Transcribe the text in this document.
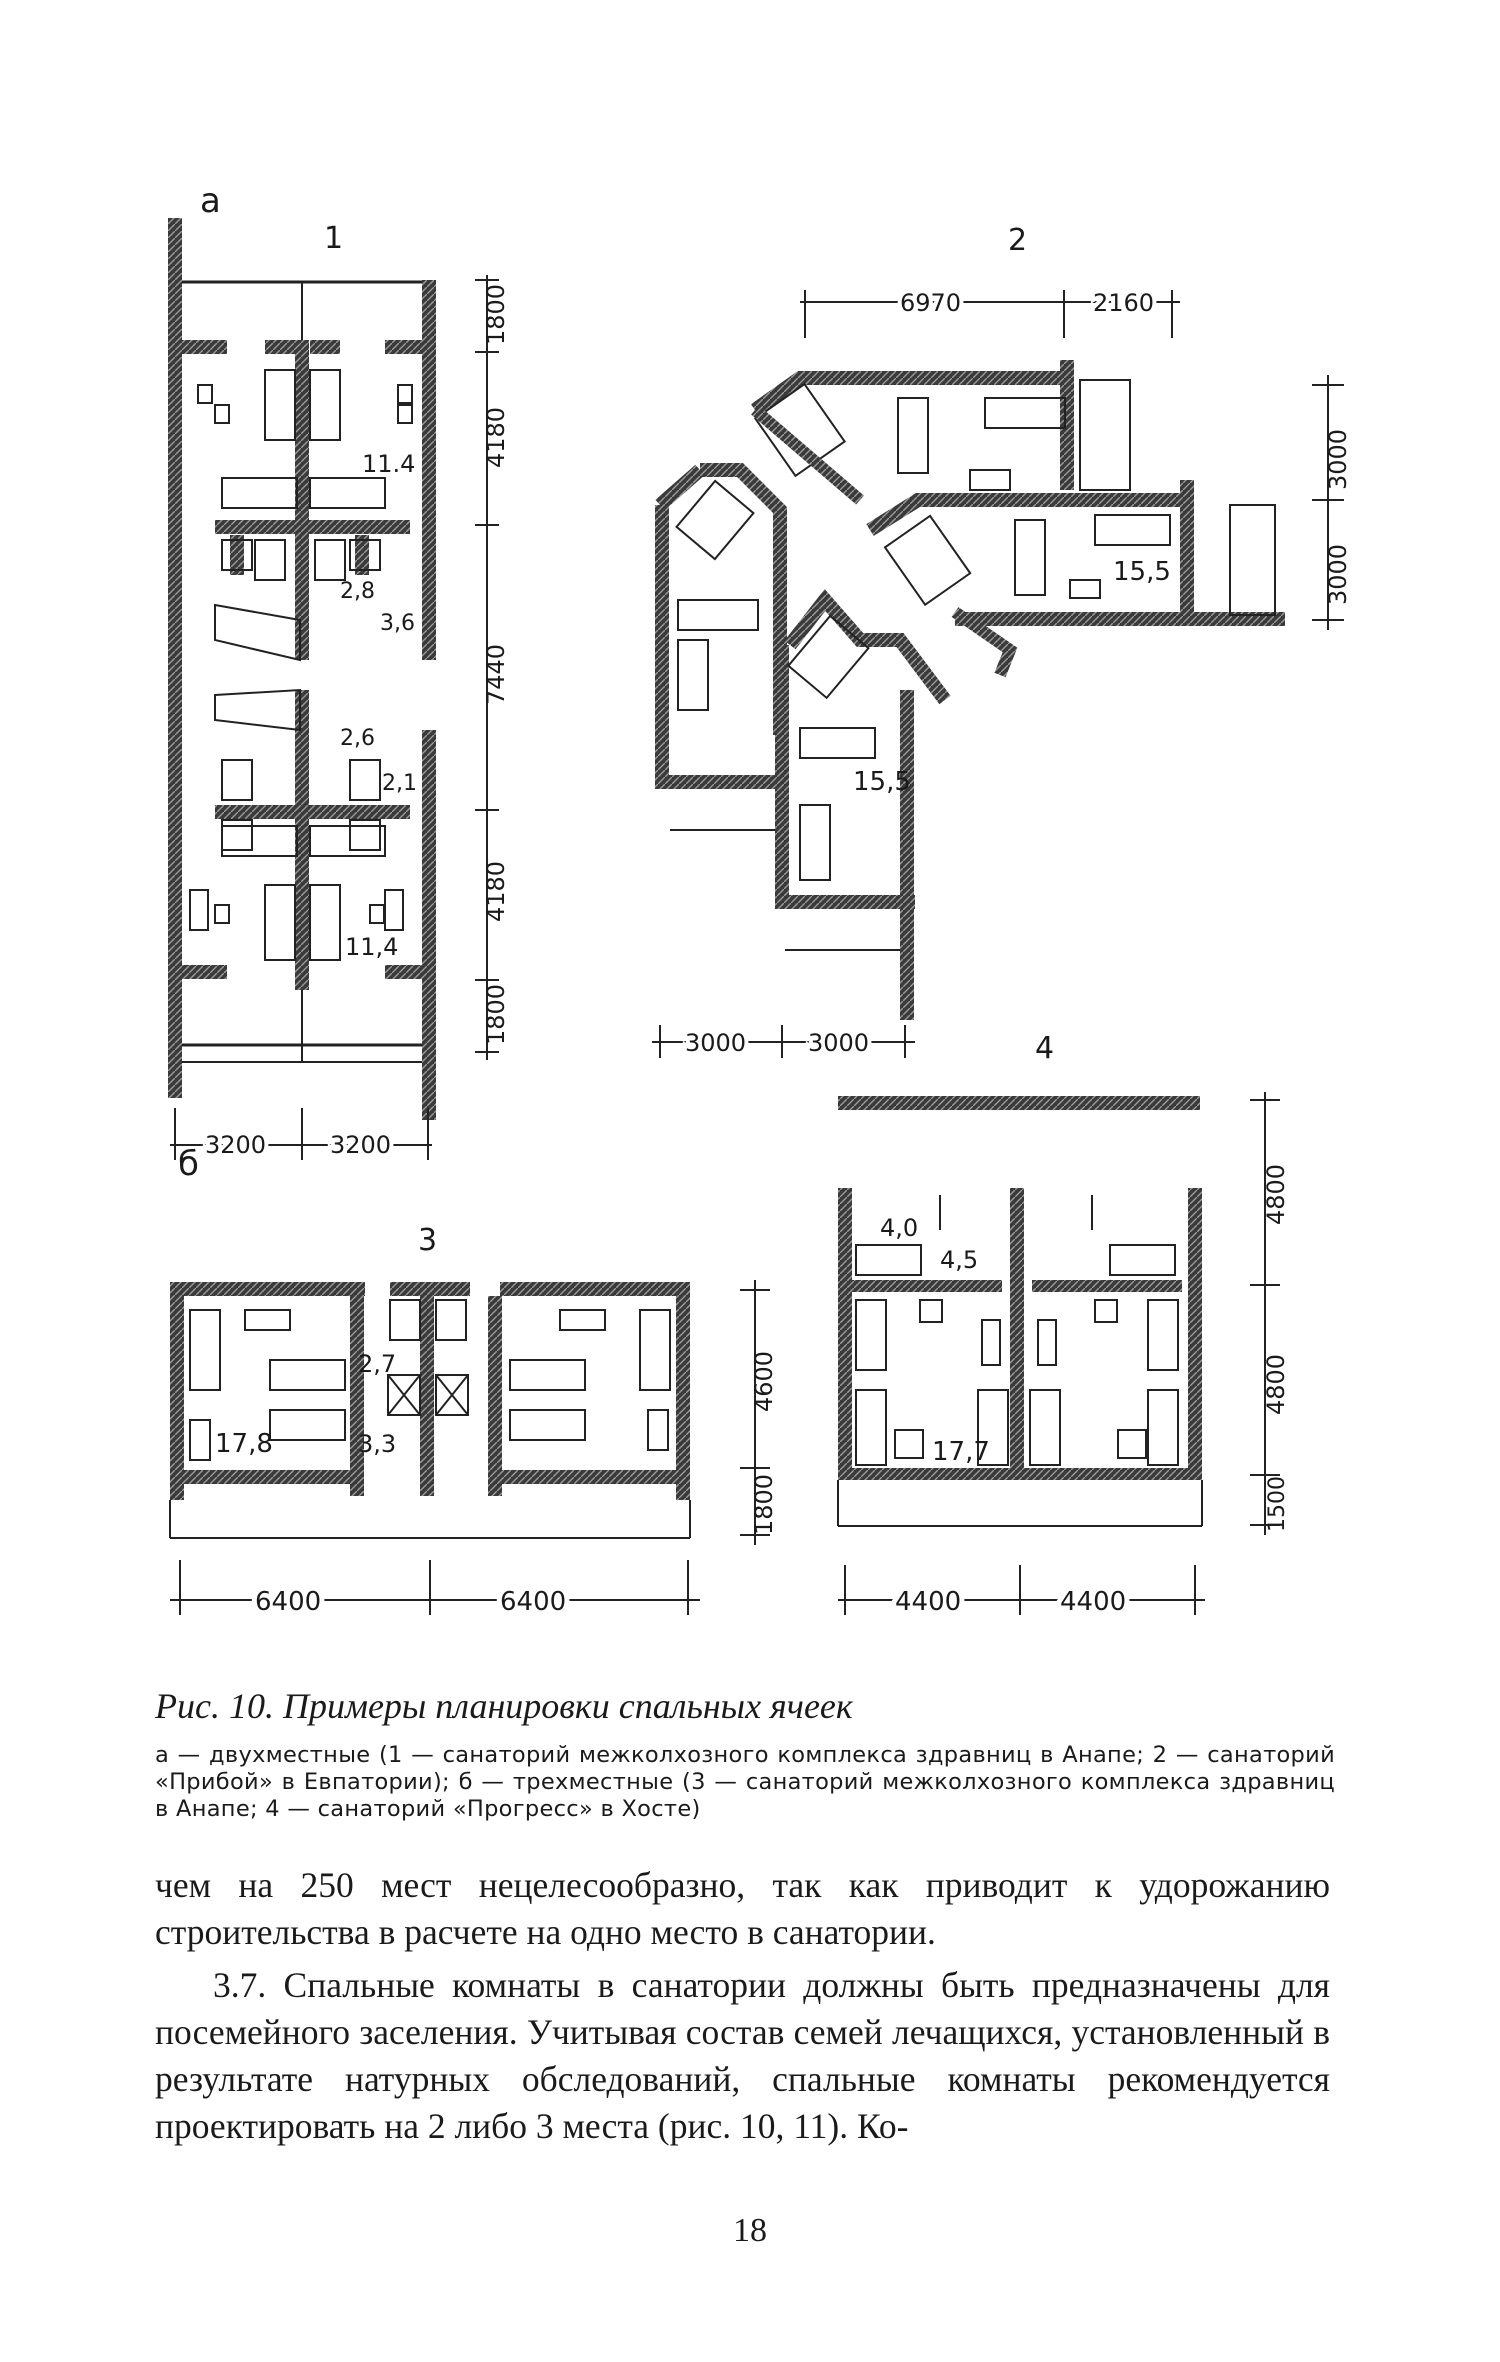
а
б
1
11.4
2,8
3,6
2,6
2,1
11,4
1800
4180
7440
4180
1800
3200	3200
2
6970	2160
15,5
15,5
3000
3000
3000	3000
3
17,8
2,7
3,3
4600
1800
6400	6400
4
4,0
4,5
17,7
4800
4800
1500
4400	4400
Рис. 10. Примеры планировки спальных ячеек
а — двухместные (1 — санаторий межколхозного комплекса здравниц в Анапе; 2 — санаторий «Прибой» в Евпатории); б — трехместные (3 — санаторий межколхозного комплекса здравниц в Анапе; 4 — санаторий «Прогресс» в Хосте)
чем на 250 мест нецелесообразно, так как приводит к удорожанию строительства в расчете на одно место в санатории.
3.7. Спальные комнаты в санатории должны быть предназначены для посемейного заселения. Учитывая состав семей лечащихся, установленный в результате натурных обследований, спальные комнаты рекомендуется проектировать на 2 либо 3 места (рис. 10, 11). Ко-
18
